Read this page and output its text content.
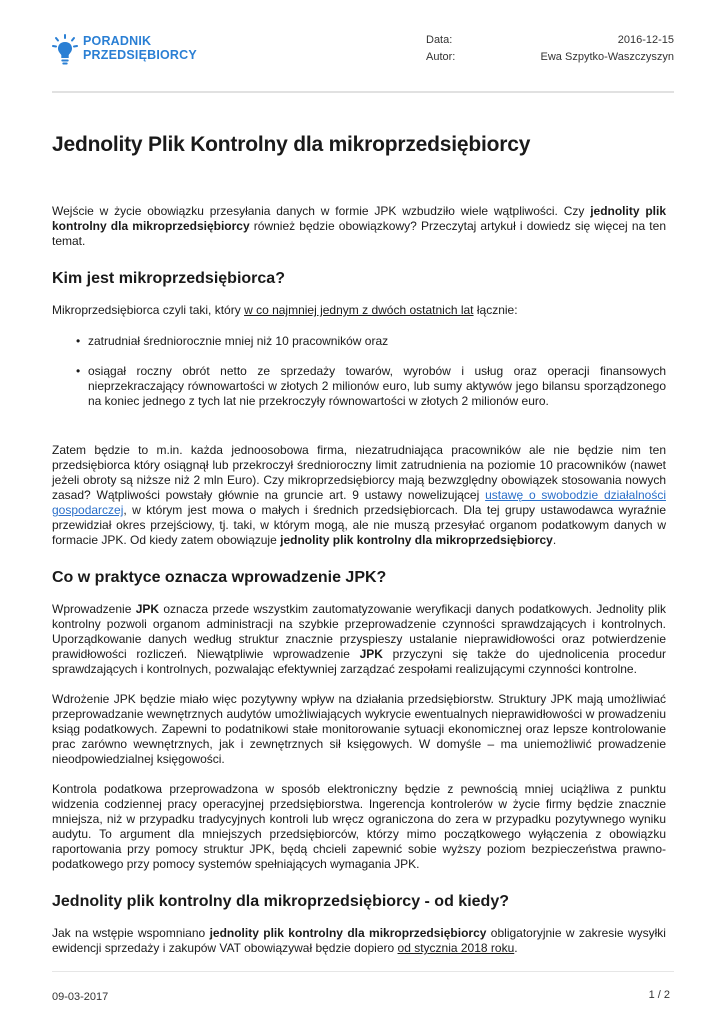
PORADNIK
PRZEDSIĘBIORCY
Data:	2016-12-15
Autor:	Ewa Szpytko-Waszczyszyn
Jednolity Plik Kontrolny dla mikroprzedsiębiorcy

Wejście w życie obowiązku przesyłania danych w formie JPK wzbudziło wiele wątpliwości. Czy jednolity plik kontrolny dla mikroprzedsiębiorcy również będzie obowiązkowy? Przeczytaj artykuł i dowiedz się więcej na ten temat.

Kim jest mikroprzedsiębiorca?

Mikroprzedsiębiorca czyli taki, który w co najmniej jednym z dwóch ostatnich lat łącznie:

• zatrudniał średniorocznie mniej niż 10 pracowników oraz
• osiągał roczny obrót netto ze sprzedaży towarów, wyrobów i usług oraz operacji finansowych nieprzekraczający równowartości w złotych 2 milionów euro, lub sumy aktywów jego bilansu sporządzonego na koniec jednego z tych lat nie przekroczyły równowartości w złotych 2 milionów euro.

Zatem będzie to m.in. każda jednoosobowa firma, niezatrudniająca pracowników ale nie będzie nim ten przedsiębiorca który osiągnął lub przekroczył średnioroczny limit zatrudnienia na poziomie 10 pracowników (nawet jeżeli obroty są niższe niż 2 mln Euro). Czy mikroprzedsiębiorcy mają bezwzględny obowiązek stosowania nowych zasad? Wątpliwości powstały głównie na gruncie art. 9 ustawy nowelizującej ustawę o swobodzie działalności gospodarczej, w którym jest mowa o małych i średnich przedsiębiorcach. Dla tej grupy ustawodawca wyraźnie przewidział okres przejściowy, tj. taki, w którym mogą, ale nie muszą przesyłać organom podatkowym danych w formacie JPK. Od kiedy zatem obowiązuje jednolity plik kontrolny dla mikroprzedsiębiorcy.

Co w praktyce oznacza wprowadzenie JPK?

Wprowadzenie JPK oznacza przede wszystkim zautomatyzowanie weryfikacji danych podatkowych. Jednolity plik kontrolny pozwoli organom administracji na szybkie przeprowadzenie czynności sprawdzających i kontrolnych. Uporządkowanie danych według struktur znacznie przyspieszy ustalanie nieprawidłowości oraz potwierdzenie prawidłowości rozliczeń. Niewątpliwie wprowadzenie JPK przyczyni się także do ujednolicenia procedur sprawdzających i kontrolnych, pozwalając efektywniej zarządzać zespołami realizującymi czynności kontrolne.

Wdrożenie JPK będzie miało więc pozytywny wpływ na działania przedsiębiorstw. Struktury JPK mają umożliwiać przeprowadzanie wewnętrznych audytów umożliwiających wykrycie ewentualnych nieprawidłowości w prowadzeniu ksiąg podatkowych. Zapewni to podatnikowi stałe monitorowanie sytuacji ekonomicznej oraz lepsze kontrolowanie prac zarówno wewnętrznych, jak i zewnętrznych sił księgowych. W domyśle – ma uniemożliwić prowadzenie nieodpowiedzialnej księgowości.

Kontrola podatkowa przeprowadzona w sposób elektroniczny będzie z pewnością mniej uciążliwa z punktu widzenia codziennej pracy operacyjnej przedsiębiorstwa. Ingerencja kontrolerów w życie firmy będzie znacznie mniejsza, niż w przypadku tradycyjnych kontroli lub wręcz ograniczona do zera w przypadku pozytywnego wyniku audytu. To argument dla mniejszych przedsiębiorców, którzy mimo początkowego wyłączenia z obowiązku raportowania przy pomocy struktur JPK, będą chcieli zapewnić sobie wyższy poziom bezpieczeństwa prawno-podatkowego przy pomocy systemów spełniających wymagania JPK.

Jednolity plik kontrolny dla mikroprzedsiębiorcy - od kiedy?

Jak na wstępie wspomniano jednolity plik kontrolny dla mikroprzedsiębiorcy obligatoryjnie w zakresie wysyłki ewidencji sprzedaży i zakupów VAT obowiązywał będzie dopiero od stycznia 2018 roku.

09-03-2017	1 / 2
